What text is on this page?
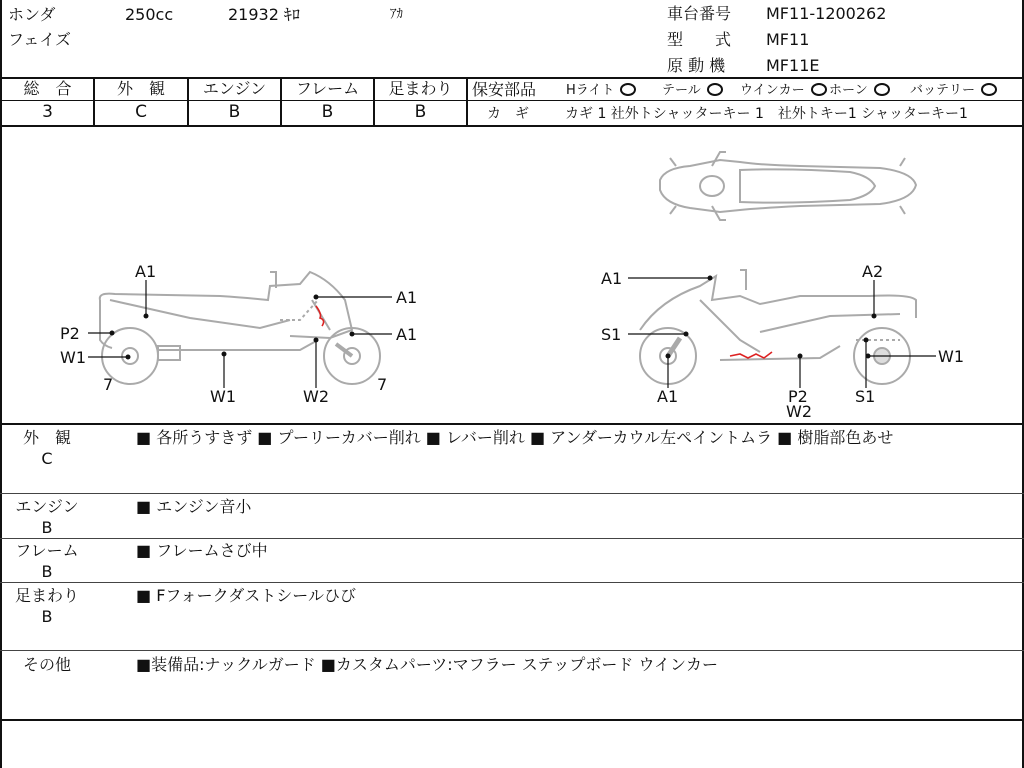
ホンダ	250cc	21932 ｷﾛ	ｱｶ
フェイズ
車台番号 MF11-1200262
型　　式 MF11
原 動 機	MF11E
総　合	外　観	エンジン	フレーム	足まわり
3	C	B	B	B
保安部品 Hライト	テール	ウインカー	ホーン	バッテリー
カ　ギ	カギ 1 社外トシャッターキー 1　社外トキー1 シャッターキー1
A1
A1
A1
P2
W1
7
W1	W2
7
A1	A2
S1
W1
A1	P2
W2
S1
外　観
C
■ 各所うすきず ■ プーリーカバー削れ ■ レバー削れ ■ アンダーカウル左ペイントムラ ■ 樹脂部色あせ
エンジン
B
■ エンジン音小
フレーム
B
■ フレームさび中
足まわり
B
■ Fフォークダストシールひび
その他	■装備品:ナックルガード ■カスタムパーツ:マフラー ステップボード ウインカー
